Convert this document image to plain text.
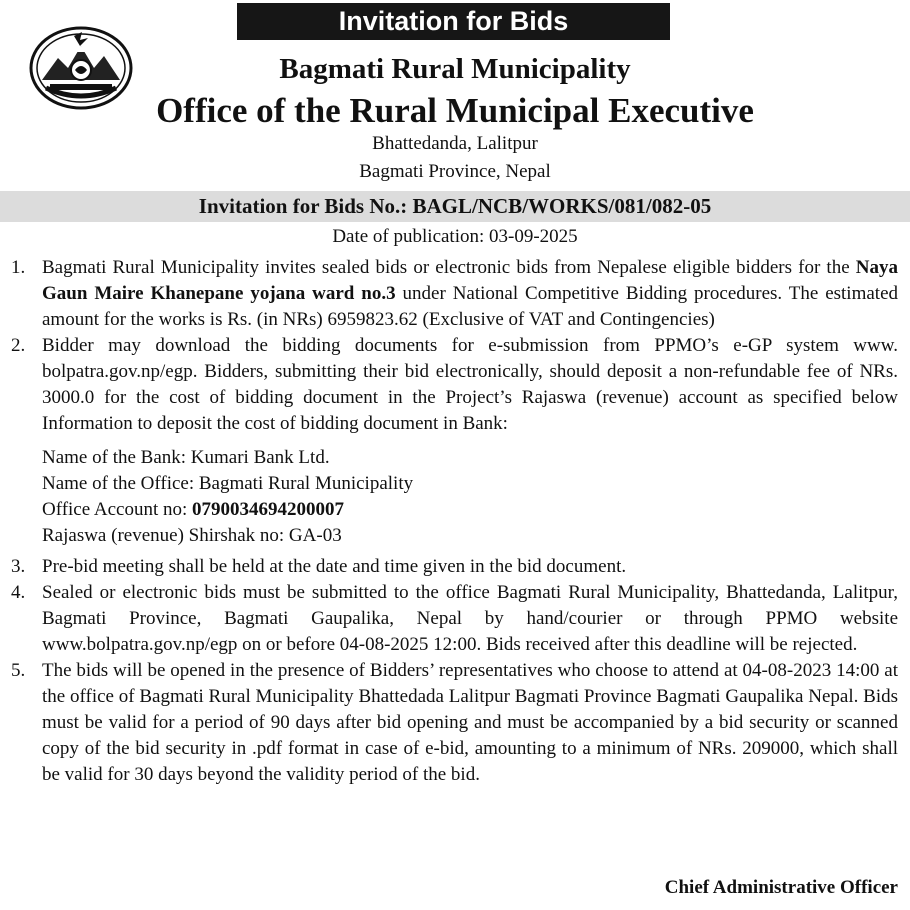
Invitation for Bids
Bagmati Rural Municipality
Office of the Rural Municipal Executive
Bhattedanda, Lalitpur
Bagmati Province, Nepal
Invitation for Bids No.: BAGL/NCB/WORKS/081/082-05
Date of publication: 03-09-2025
1. Bagmati Rural Municipality invites sealed bids or electronic bids from Nepalese eligible bidders for the Naya Gaun Maire Khanepane yojana ward no.3 under National Competitive Bidding procedures. The estimated amount for the works is Rs. (in NRs) 6959823.62 (Exclusive of VAT and Contingencies)
2. Bidder may download the bidding documents for e-submission from PPMO’s e-GP system www. bolpatra.gov.np/egp. Bidders, submitting their bid electronically, should deposit a non-refundable fee of NRs. 3000.0 for the cost of bidding document in the Project’s Rajaswa (revenue) account as specified below Information to deposit the cost of bidding document in Bank:
Name of the Bank: Kumari Bank Ltd.
Name of the Office: Bagmati Rural Municipality
Office Account no: 0790034694200007
Rajaswa (revenue) Shirshak no: GA-03
3. Pre-bid meeting shall be held at the date and time given in the bid document.
4. Sealed or electronic bids must be submitted to the office Bagmati Rural Municipality, Bhattedanda, Lalitpur, Bagmati Province, Bagmati Gaupalika, Nepal by hand/courier or through PPMO website www.bolpatra.gov.np/egp on or before 04-08-2025 12:00. Bids received after this deadline will be rejected.
5. The bids will be opened in the presence of Bidders’ representatives who choose to attend at 04-08-2023 14:00 at the office of Bagmati Rural Municipality Bhattedada Lalitpur Bagmati Province Bagmati Gaupalika Nepal. Bids must be valid for a period of 90 days after bid opening and must be accompanied by a bid security or scanned copy of the bid security in .pdf format in case of e-bid, amounting to a minimum of NRs. 209000, which shall be valid for 30 days beyond the validity period of the bid.
Chief Administrative Officer
